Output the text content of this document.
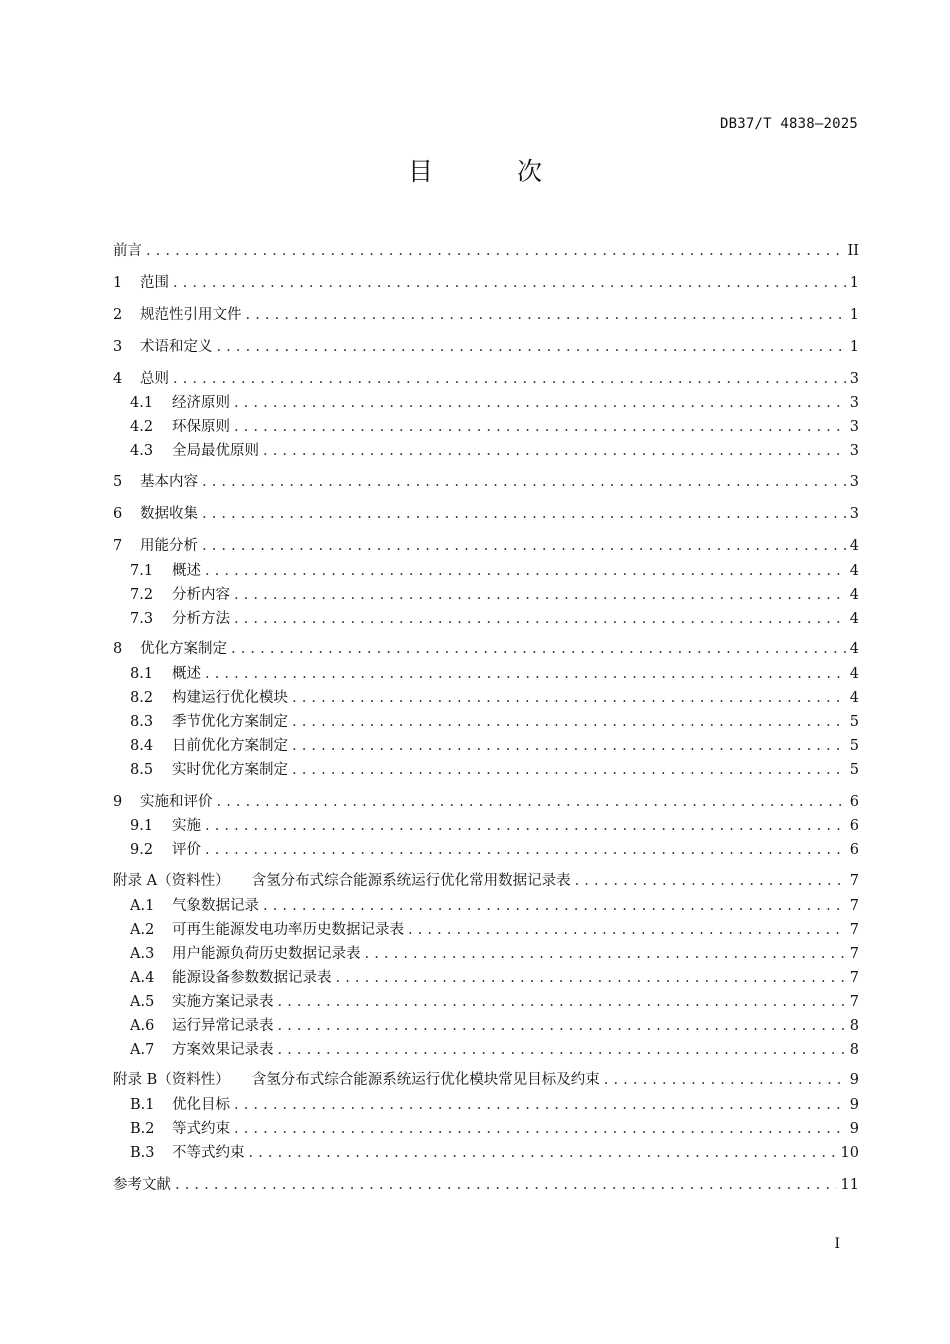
DB37/T 4838—2025
目 次
前言 .....	II
1	范围 .....	1
2	规范性引用文件 .....	1
3	术语和定义 .....	1
4	总则 .....	3
4.1	经济原则 .....	3
4.2	环保原则 .....	3
4.3	全局最优原则 .....	3
5	基本内容 .....	3
6	数据收集 .....	3
7	用能分析 .....	4
7.1	概述 .....	4
7.2	分析内容 .....	4
7.3	分析方法 .....	4
8	优化方案制定 .....	4
8.1	概述 .....	4
8.2	构建运行优化模块 .....	4
8.3	季节优化方案制定 .....	5
8.4	日前优化方案制定 .....	5
8.5	实时优化方案制定 .....	5
9	实施和评价 .....	6
9.1	实施 .....	6
9.2	评价 .....	6
附录 A（资料性） 含氢分布式综合能源系统运行优化常用数据记录表 .....	7
A.1	气象数据记录 .....	7
A.2	可再生能源发电功率历史数据记录表 .....	7
A.3	用户能源负荷历史数据记录表 .....	7
A.4	能源设备参数数据记录表 .....	7
A.5	实施方案记录表 .....	7
A.6	运行异常记录表 .....	8
A.7	方案效果记录表 .....	8
附录 B（资料性） 含氢分布式综合能源系统运行优化模块常见目标及约束 .....	9
B.1	优化目标 .....	9
B.2	等式约束 .....	9
B.3	不等式约束 .....	10
参考文献 .....	11
I
